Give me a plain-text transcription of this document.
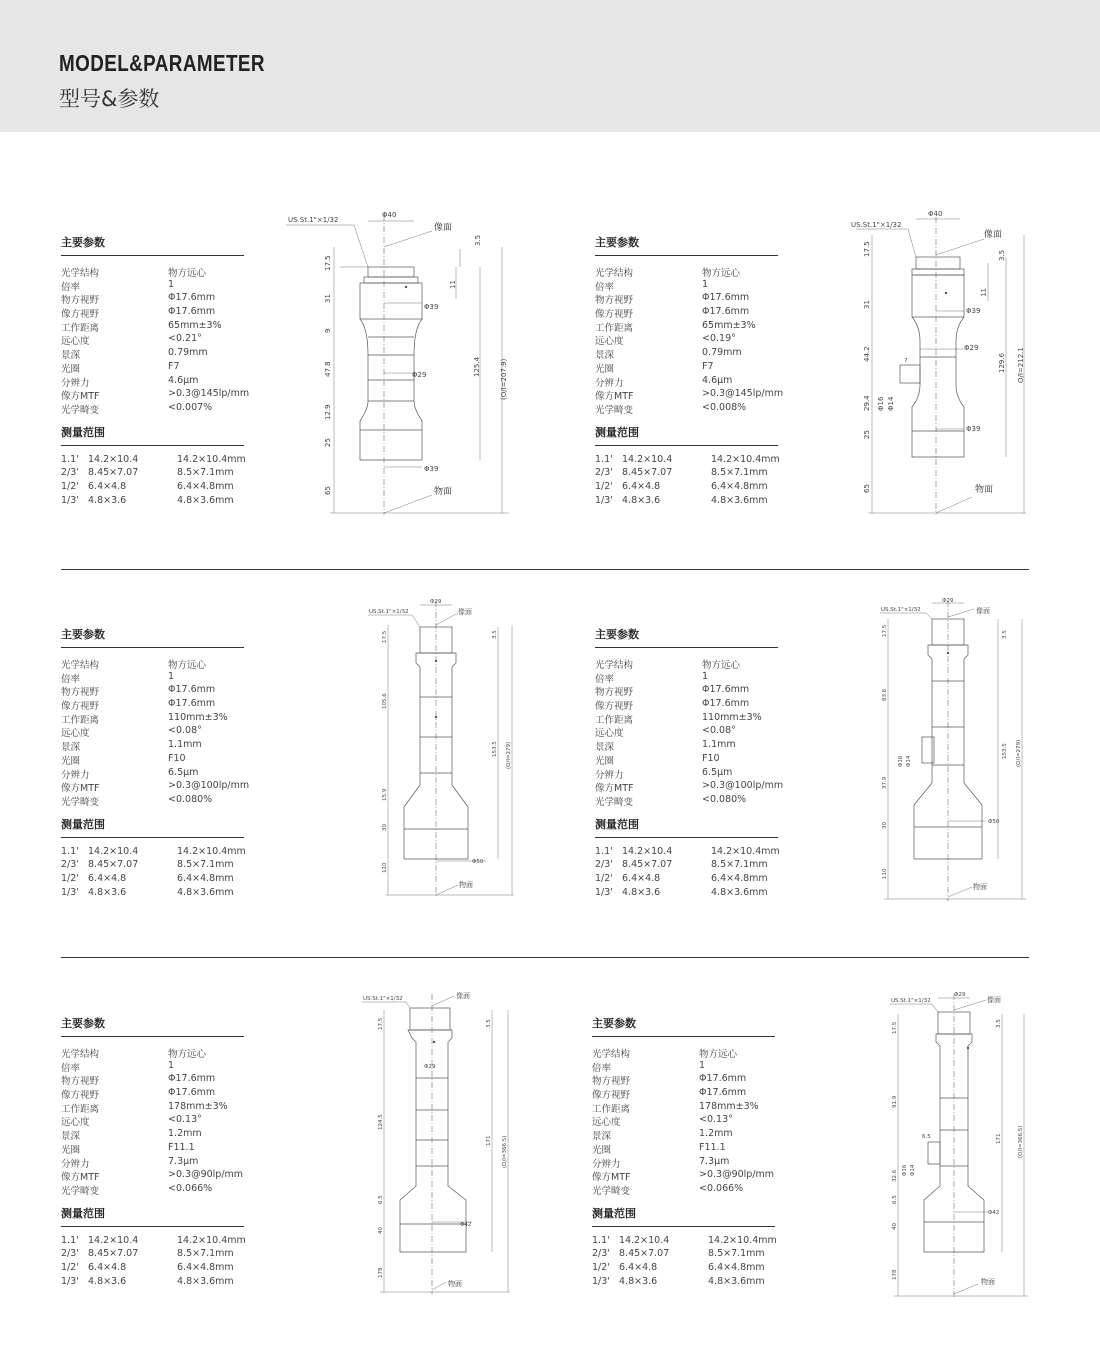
MODEL&PARAMETER
型号&参数
主要参数
光学结构	物方远心
倍率	1
物方视野	Φ17.6mm
像方视野	Φ17.6mm
工作距离	65mm±3%
远心度	<0.21°
景深	0.79mm
光圈	F7
分辨力	4.6μm
像方MTF	>0.3@145lp/mm
光学畸变	<0.007%
测量范围
1.1' 14.2×10.4	14.2×10.4mm
2/3' 8.45×7.07	8.5×7.1mm
1/2' 6.4×4.8	6.4×4.8mm
1/3' 4.8×3.6	4.8×3.6mm
主要参数
光学结构	物方远心
倍率	1
物方视野	Φ17.6mm
像方视野	Φ17.6mm
工作距离	65mm±3%
远心度	<0.19°
景深	0.79mm
光圈	F7
分辨力	4.6μm
像方MTF	>0.3@145lp/mm
光学畸变	<0.008%
测量范围
1.1' 14.2×10.4	14.2×10.4mm
2/3' 8.45×7.07	8.5×7.1mm
1/2' 6.4×4.8	6.4×4.8mm
1/3' 4.8×3.6	4.8×3.6mm
主要参数
光学结构	物方远心
倍率	1
物方视野	Φ17.6mm
像方视野	Φ17.6mm
工作距离	110mm±3%
远心度	<0.08°
景深	1.1mm
光圈	F10
分辨力	6.5μm
像方MTF	>0.3@100lp/mm
光学畸变	<0.080%
测量范围
1.1' 14.2×10.4	14.2×10.4mm
2/3' 8.45×7.07	8.5×7.1mm
1/2' 6.4×4.8	6.4×4.8mm
1/3' 4.8×3.6	4.8×3.6mm
主要参数
光学结构	物方远心
倍率	1
物方视野	Φ17.6mm
像方视野	Φ17.6mm
工作距离	110mm±3%
远心度	<0.08°
景深	1.1mm
光圈	F10
分辨力	6.5μm
像方MTF	>0.3@100lp/mm
光学畸变	<0.080%
测量范围
1.1' 14.2×10.4	14.2×10.4mm
2/3' 8.45×7.07	8.5×7.1mm
1/2' 6.4×4.8	6.4×4.8mm
1/3' 4.8×3.6	4.8×3.6mm
主要参数
光学结构	物方远心
倍率	1
物方视野	Φ17.6mm
像方视野	Φ17.6mm
工作距离	178mm±3%
远心度	<0.13°
景深	1.2mm
光圈	F11.1
分辨力	7.3μm
像方MTF	>0.3@90lp/mm
光学畸变	<0.066%
测量范围
1.1' 14.2×10.4	14.2×10.4mm
2/3' 8.45×7.07	8.5×7.1mm
1/2' 6.4×4.8	6.4×4.8mm
1/3' 4.8×3.6	4.8×3.6mm
主要参数
光学结构	物方远心
倍率	1
物方视野	Φ17.6mm
像方视野	Φ17.6mm
工作距离	178mm±3%
远心度	<0.13°
景深	1.2mm
光圈	F11.1
分辨力	7.3μm
像方MTF	>0.3@90lp/mm
光学畸变	<0.066%
测量范围
1.1' 14.2×10.4	14.2×10.4mm
2/3' 8.45×7.07	8.5×7.1mm
1/2' 6.4×4.8	6.4×4.8mm
1/3' 4.8×3.6	4.8×3.6mm
US.St.1"×1/32
Φ40
像面
物面
Φ39
Φ29
Φ39
3.5
11
125.4	(O/I=207.9)
17.5
31
9
47.8
12.9
25
65
US.St.1"×1/32
Φ40
像面
物面
Φ39
Φ29
Φ39
Φ16 Φ14
7
3.5
11
129.6 O/I=212.1
17.5
31
44.2
29.4
25
65
US.St.1"×1/32
Φ29
像面
物面
Φ50
3.5
153.5 (O/I=279)
17.5
105.6
15.9
30
110
US.St.1"×1/32
Φ29
像面
物面
Φ50
Φ16 Φ14
3.5
153.5 (O/I=279)
17.5
83.6
37.9
30
110
US.St.1"×1/32
Φ29
像面
物面
Φ42
3.5
171 (O/I=366.5)
17.5
124.5
6.5
40
178
US.St.1"×1/32
Φ29
像面
物面
Φ42
Φ16 Φ14
6.5
3.5
171	(O/I=366.5)
17.5
91.9
32.6
6.5
40
178
